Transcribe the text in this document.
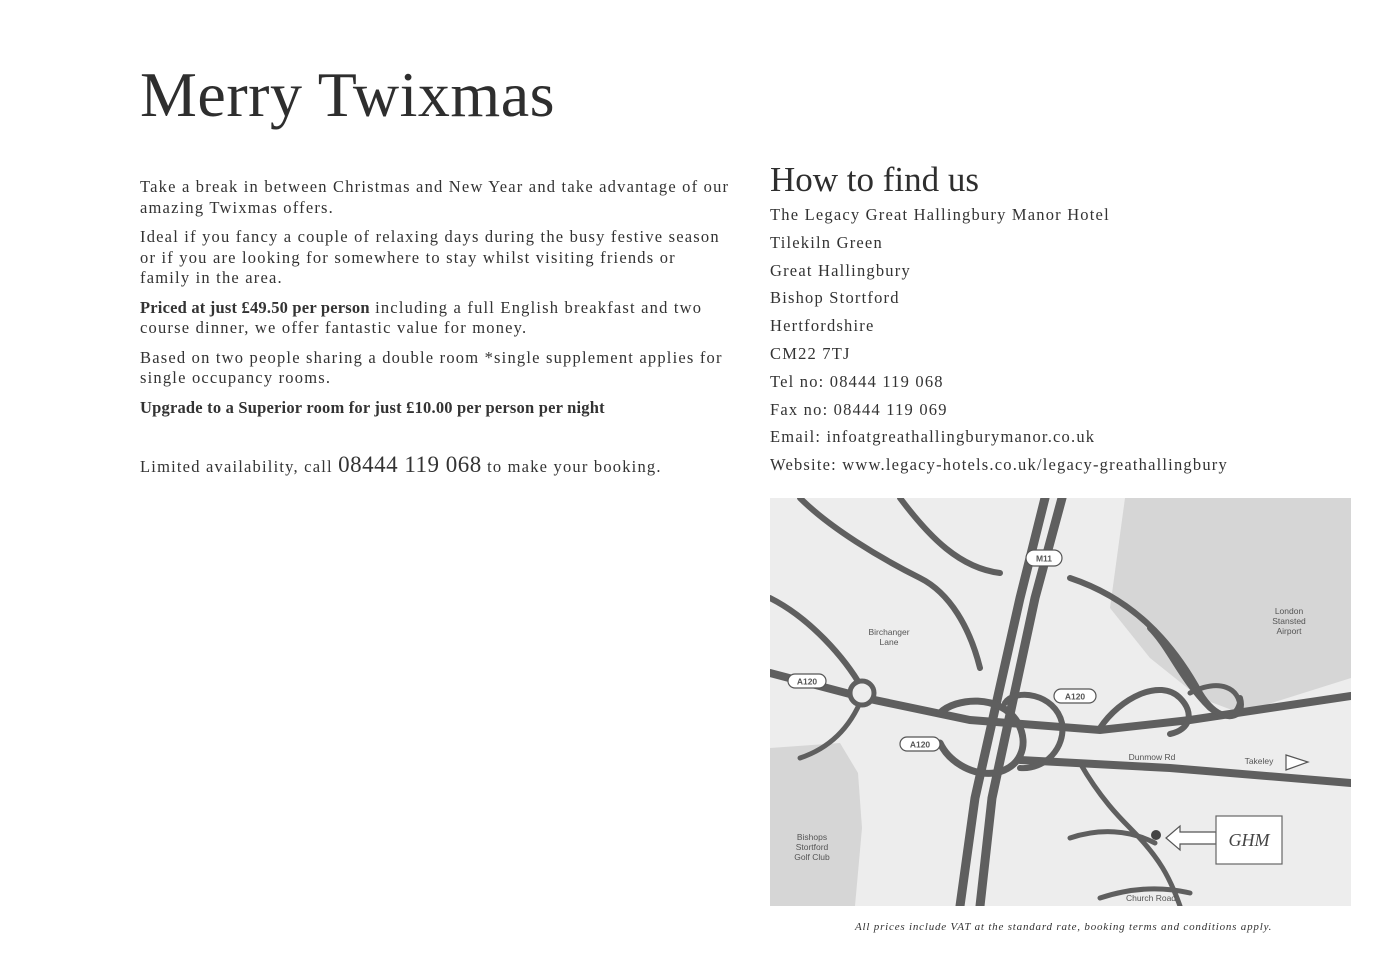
Merry Twixmas

Take a break in between Christmas and New Year and take advantage of our amazing Twixmas offers.

Ideal if you fancy a couple of relaxing days during the busy festive season or if you are looking for somewhere to stay whilst visiting friends or family in the area.

Priced at just £49.50 per person including a full English breakfast and two course dinner, we offer fantastic value for money.

Based on two people sharing a double room *single supplement applies for single occupancy rooms.

Upgrade to a Superior room for just £10.00 per person per night

Limited availability, call 08444 119 068 to make your booking.
How to find us
The Legacy Great Hallingbury Manor Hotel
Tilekiln Green
Great Hallingbury
Bishop Stortford
Hertfordshire
CM22 7TJ
Tel no: 08444 119 068
Fax no: 08444 119 069
Email: infoatgreathallingburymanor.co.uk
Website: www.legacy-hotels.co.uk/legacy-greathallingbury
M11
A120
A120
A120
Birchanger
Lane
London
Stansted
Airport
Dunmow Rd	Takeley
Bishops
Stortford
Golf Club
Church Road
GHM
All prices include VAT at the standard rate, booking terms and conditions apply.
